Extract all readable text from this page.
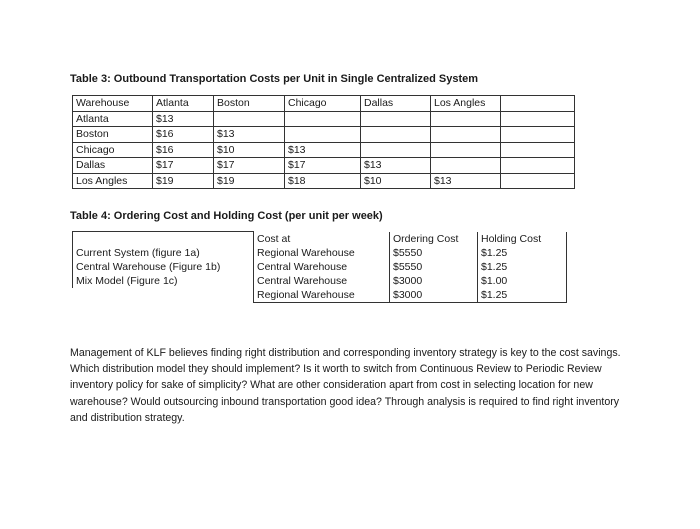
Table 3: Outbound Transportation Costs per Unit in Single Centralized System
Warehouse	Atlanta	Boston	Chicago	Dallas	Los Angles	
Atlanta	$13					
Boston	$16	$13				
Chicago	$16	$10	$13			
Dallas	$17	$17	$17	$13		
Los Angles	$19	$19	$18	$10	$13	
Table 4: Ordering Cost and Holding Cost (per unit per week)
	Cost at	Ordering Cost	Holding Cost
Current System (figure 1a)	Regional Warehouse	$5550	$1.25
Central Warehouse (Figure 1b)	Central Warehouse	$5550	$1.25
Mix Model (Figure 1c)	Central Warehouse	$3000	$1.00
	Regional Warehouse	$3000	$1.25

Management of KLF believes finding right distribution and corresponding inventory strategy is key to the cost savings. Which distribution model they should implement? Is it worth to switch from Continuous Review to Periodic Review inventory policy for sake of simplicity? What are other consideration apart from cost in selecting location for new warehouse? Would outsourcing inbound transportation good idea? Through analysis is required to find right inventory and distribution strategy.
